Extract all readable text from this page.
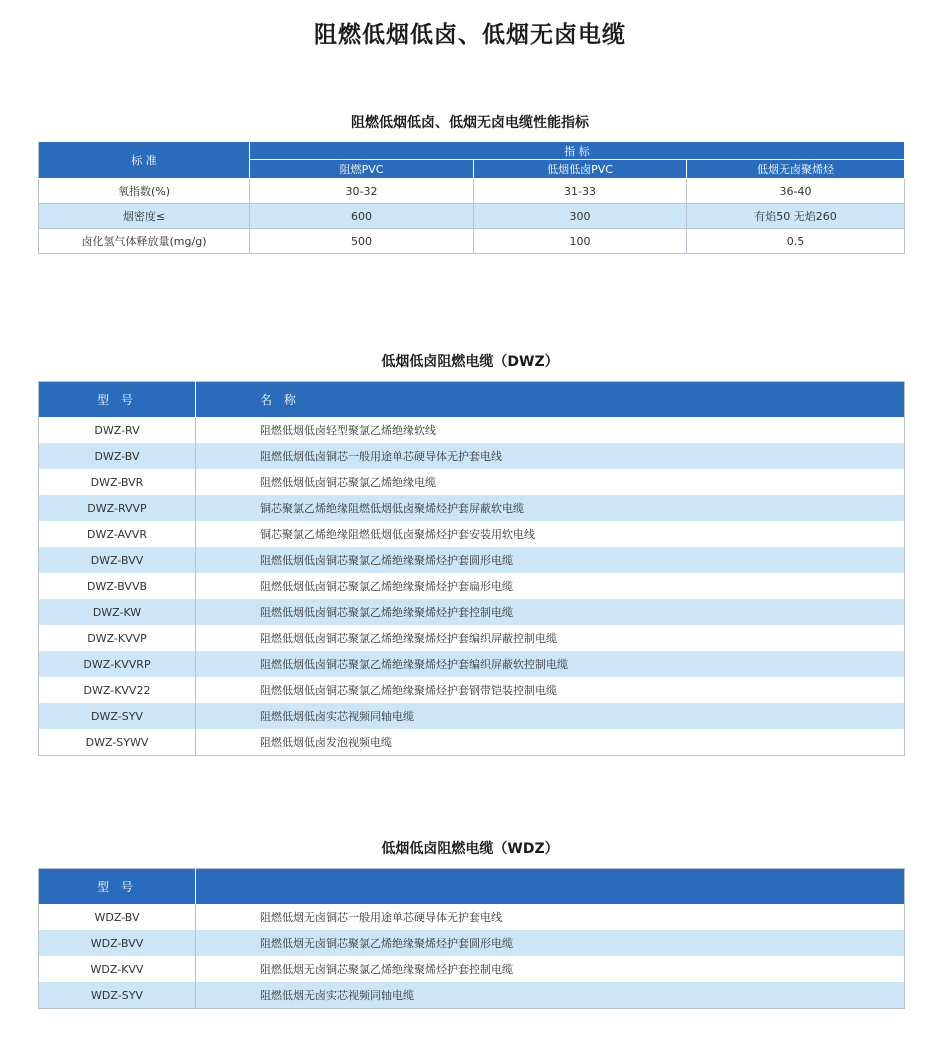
阻燃低烟低卤、低烟无卤电缆
阻燃低烟低卤、低烟无卤电缆性能指标
标 准	指 标		
	阻燃PVC	低烟低卤PVC	低烟无卤聚烯烃
氧指数(%)	30-32	31-33	36-40
烟密度≤	600	300	有焰50 无焰260
卤化氢气体释放量(mg/g)	500	100	0.5
低烟低卤阻燃电缆（DWZ）
型 号	名 称
DWZ-RV	阻燃低烟低卤轻型聚氯乙烯绝缘软线
DWZ-BV	阻燃低烟低卤铜芯一般用途单芯硬导体无护套电线
DWZ-BVR	阻燃低烟低卤铜芯聚氯乙烯绝缘电缆
DWZ-RVVP	铜芯聚氯乙烯绝缘阻燃低烟低卤聚烯烃护套屏蔽软电缆
DWZ-AVVR	铜芯聚氯乙烯绝缘阻燃低烟低卤聚烯烃护套安装用软电线
DWZ-BVV	阻燃低烟低卤铜芯聚氯乙烯绝缘聚烯烃护套圆形电缆
DWZ-BVVB	阻燃低烟低卤铜芯聚氯乙烯绝缘聚烯烃护套扁形电缆
DWZ-KW	阻燃低烟低卤铜芯聚氯乙烯绝缘聚烯烃护套控制电缆
DWZ-KVVP	阻燃低烟低卤铜芯聚氯乙烯绝缘聚烯烃护套编织屏蔽控制电缆
DWZ-KVVRP	阻燃低烟低卤铜芯聚氯乙烯绝缘聚烯烃护套编织屏蔽软控制电缆
DWZ-KVV22	阻燃低烟低卤铜芯聚氯乙烯绝缘聚烯烃护套钢带铠装控制电缆
DWZ-SYV	阻燃低烟低卤实芯视频同轴电缆
DWZ-SYWV	阻燃低烟低卤发泡视频电缆
低烟低卤阻燃电缆（WDZ）
型 号	
WDZ-BV	阻燃低烟无卤铜芯一般用途单芯硬导体无护套电线
WDZ-BVV	阻燃低烟无卤铜芯聚氯乙烯绝缘聚烯烃护套圆形电缆
WDZ-KVV	阻燃低烟无卤铜芯聚氯乙烯绝缘聚烯烃护套控制电缆
WDZ-SYV	阻燃低烟无卤实芯视频同轴电缆
